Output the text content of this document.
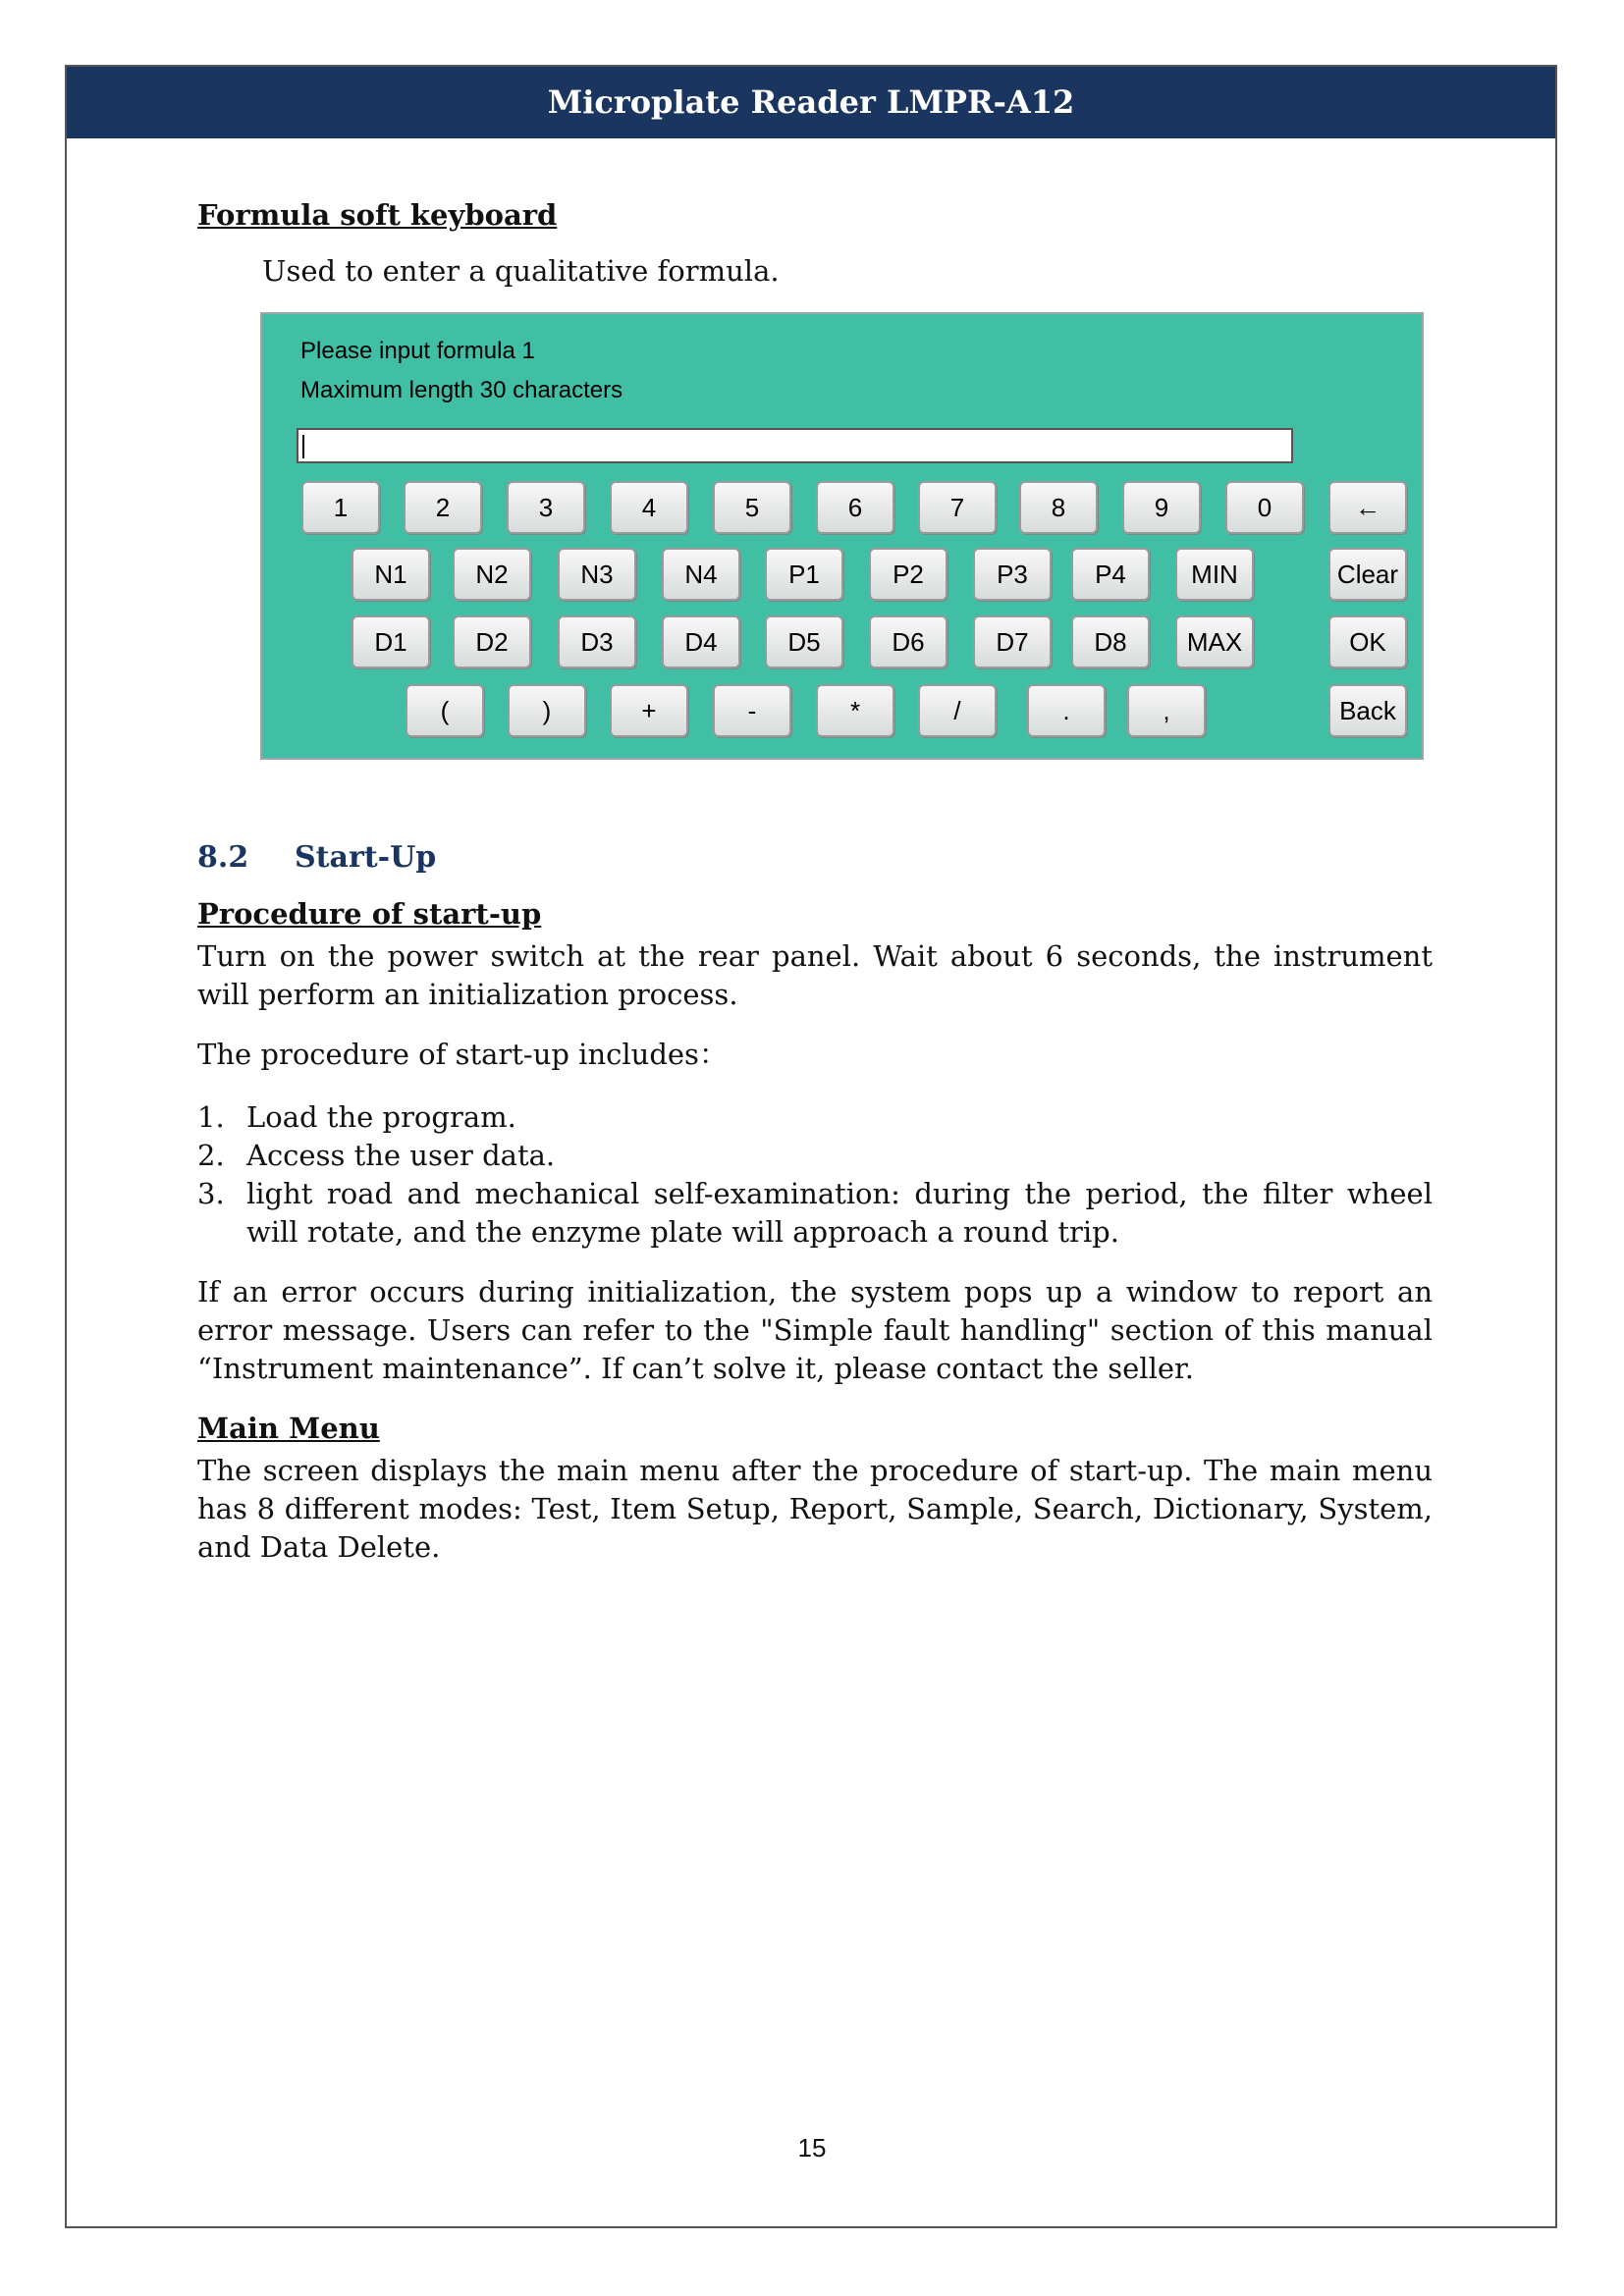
Microplate Reader LMPR-A12

Formula soft keyboard

Used to enter a qualitative formula.

Please input formula 1
Maximum length 30 characters
1	2	3	4	5	6	7	8	9	0	←
N1	N2	N3	N4	P1	P2	P3	P4	MIN	Clear
D1	D2	D3	D4	D5	D6	D7	D8	MAX	OK
(	)	+	-	*	/	.	,	Back
8.2 Start-Up

Procedure of start-up

Turn on the power switch at the rear panel. Wait about 6 seconds, the instrument will perform an initialization process.

The procedure of start-up includes：

1. Load the program.
2. Access the user data.
3. light road and mechanical self-examination: during the period, the filter wheel will rotate, and the enzyme plate will approach a round trip.

If an error occurs during initialization, the system pops up a window to report an error message. Users can refer to the "Simple fault handling" section of this manual “Instrument maintenance”. If can’t solve it, please contact the seller.

Main Menu

The screen displays the main menu after the procedure of start-up. The main menu has 8 different modes: Test, Item Setup, Report, Sample, Search, Dictionary, System, and Data Delete.

15
